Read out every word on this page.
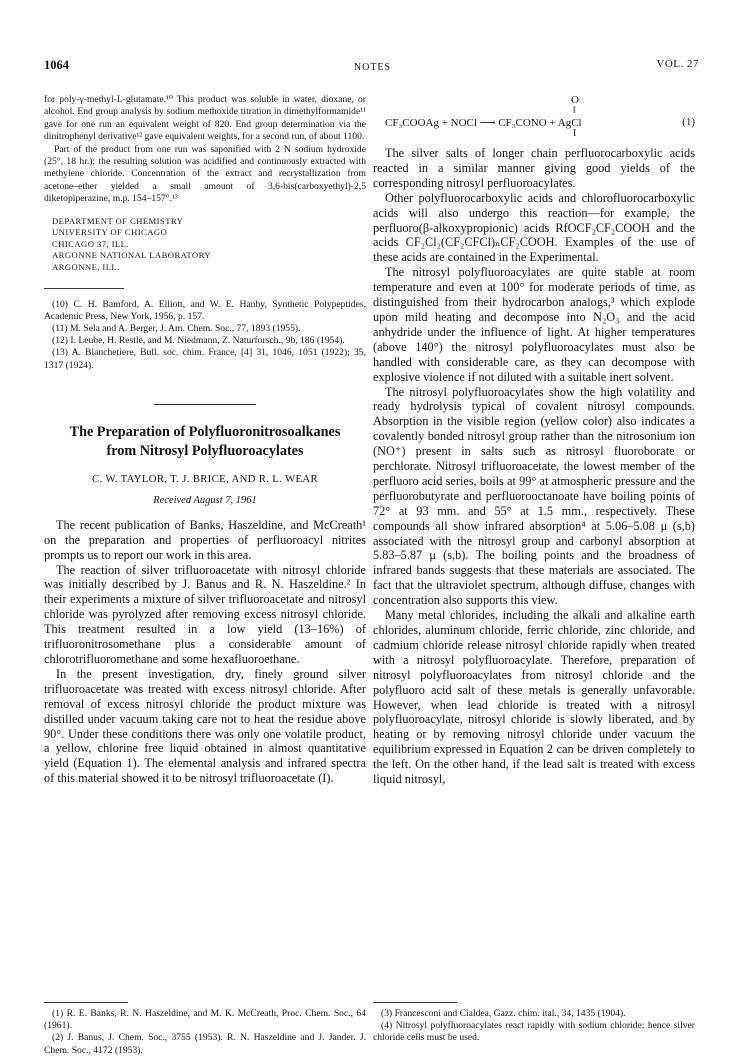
1064	NOTES	VOL. 27

for poly-γ-methyl-L-glutamate.¹⁰ This product was soluble in water, dioxane, or alcohol. End group analysis by sodium methoxide titration in dimethylformamide¹¹ gave for one run an equivalent weight of 820. End group determination via the dinitrophenyl derivative¹² gave equivalent weights, for a second run, of about 1100.

Part of the product from one run was saponified with 2 N sodium hydroxide (25°, 18 hr.); the resulting solution was acidified and continuously extracted with methylene chloride. Concentration of the extract and recrystallization from acetone–ether yielded a small amount of 3,6-bis(carboxyethyl)-2,5 diketopiperazine, m.p. 154–157°.¹³

DEPARTMENT OF CHEMISTRY
UNIVERSITY OF CHICAGO
CHICAGO 37, ILL.
ARGONNE NATIONAL LABORATORY
ARGONNE, ILL.

(10) C. H. Bamford, A. Elliott, and W. E. Hanby, Synthetic Polypeptides, Academic Press, New York, 1956, p. 157.

(11) M. Sela and A. Berger, J. Am. Chem. Soc., 77, 1893 (1955).

(12) I. Leube, H. Restle, and M. Niedmann, Z. Naturforsch., 9b, 186 (1954).

(13) A. Blanchetiere, Bull. soc. chim. France, [4] 31, 1046, 1051 (1922); 35, 1317 (1924).

The Preparation of Polyfluoronitrosoalkanes
from Nitrosyl Polyfluoroacylates
C. W. TAYLOR, T. J. BRICE, AND R. L. WEAR
Received August 7, 1961

The recent publication of Banks, Haszeldine, and McCreath¹ on the preparation and properties of perfluoroacyl nitrites prompts us to report our work in this area.

The reaction of silver trifluoroacetate with nitrosyl chloride was initially described by J. Banus and R. N. Haszeldine.² In their experiments a mixture of silver trifluoroacetate and nitrosyl chloride was pyrolyzed after removing excess nitrosyl chloride. This treatment resulted in a low yield (13–16%) of trifluoronitrosomethane plus a considerable amount of chlorotrifluoromethane and some hexafluoroethane.

In the present investigation, dry, finely ground silver trifluoroacetate was treated with excess nitrosyl chloride. After removal of excess nitrosyl chloride the product mixture was distilled under vacuum taking care not to heat the residue above 90°. Under these conditions there was only one volatile product, a yellow, chlorine free liquid obtained in almost quantitative yield (Equation 1). The elemental analysis and infrared spectra of this material showed it to be nitrosyl trifluoroacetate (I).

(1) R. E. Banks, R. N. Haszeldine, and M. K. McCreath, Proc. Chem. Soc., 64 (1961).

(2) J. Banus, J. Chem. Soc., 3755 (1953). R. N. Haszeldine and J. Jander. J. Chem. Soc., 4172 (1953).

O
‖
CF₃COOAg + NOCl ⟶ CF₃CONO + AgCl	(1)
I

The silver salts of longer chain perfluorocarboxylic acids reacted in a similar manner giving good yields of the corresponding nitrosyl perfluoroacylates.

Other polyfluorocarboxylic acids and chlorofluorocarboxylic acids will also undergo this reaction—for example, the perfluoro(β-alkoxypropionic) acids RfOCF₂CF₂COOH and the acids CF₂Cl₂(CF₂CFCl)ₙCF₂COOH. Examples of the use of these acids are contained in the Experimental.

The nitrosyl polyfluoroacylates are quite stable at room temperature and even at 100° for moderate periods of time, as distinguished from their hydrocarbon analogs,³ which explode upon mild heating and decompose into N₂O₃ and the acid anhydride under the influence of light. At higher temperatures (above 140°) the nitrosyl polyfluoroacylates must also be handled with considerable care, as they can decompose with explosive violence if not diluted with a suitable inert solvent.

The nitrosyl polyfluoroacylates show the high volatility and ready hydrolysis typical of covalent nitrosyl compounds. Absorption in the visible region (yellow color) also indicates a covalently bonded nitrosyl group rather than the nitrosonium ion (NO⁺) present in salts such as nitrosyl fluoroborate or perchlorate. Nitrosyl trifluoroacetate, the lowest member of the perfluoro acid series, boils at 99° at atmospheric pressure and the perfluorobutyrate and perfluorooctanoate have boiling points of 72° at 93 mm. and 55° at 1.5 mm., respectively. These compounds all show infrared absorption⁴ at 5.06–5.08 μ (s,b) associated with the nitrosyl group and carbonyl absorption at 5.83–5.87 μ (s,b). The boiling points and the broadness of infrared bands suggests that these materials are associated. The fact that the ultraviolet spectrum, although diffuse, changes with concentration also supports this view.

Many metal chlorides, including the alkali and alkaline earth chlorides, aluminum chloride, ferric chloride, zinc chloride, and cadmium chloride release nitrosyl chloride rapidly when treated with a nitrosyl polyfluoroacylate. Therefore, preparation of nitrosyl polyfluoroacylates from nitrosyl chloride and the polyfluoro acid salt of these metals is generally unfavorable. However, when lead chloride is treated with a nitrosyl polyfluoroacylate, nitrosyl chloride is slowly liberated, and by heating or by removing nitrosyl chloride under vacuum the equilibrium expressed in Equation 2 can be driven completely to the left. On the other hand, if the lead salt is treated with excess liquid nitrosyl,

(3) Francesconi and Cialdea, Gazz. chim. ital., 34, 1435 (1904).

(4) Nitrosyl polyfluoroacylates react rapidly with sodium chloride; hence silver chloride cells must be used.
